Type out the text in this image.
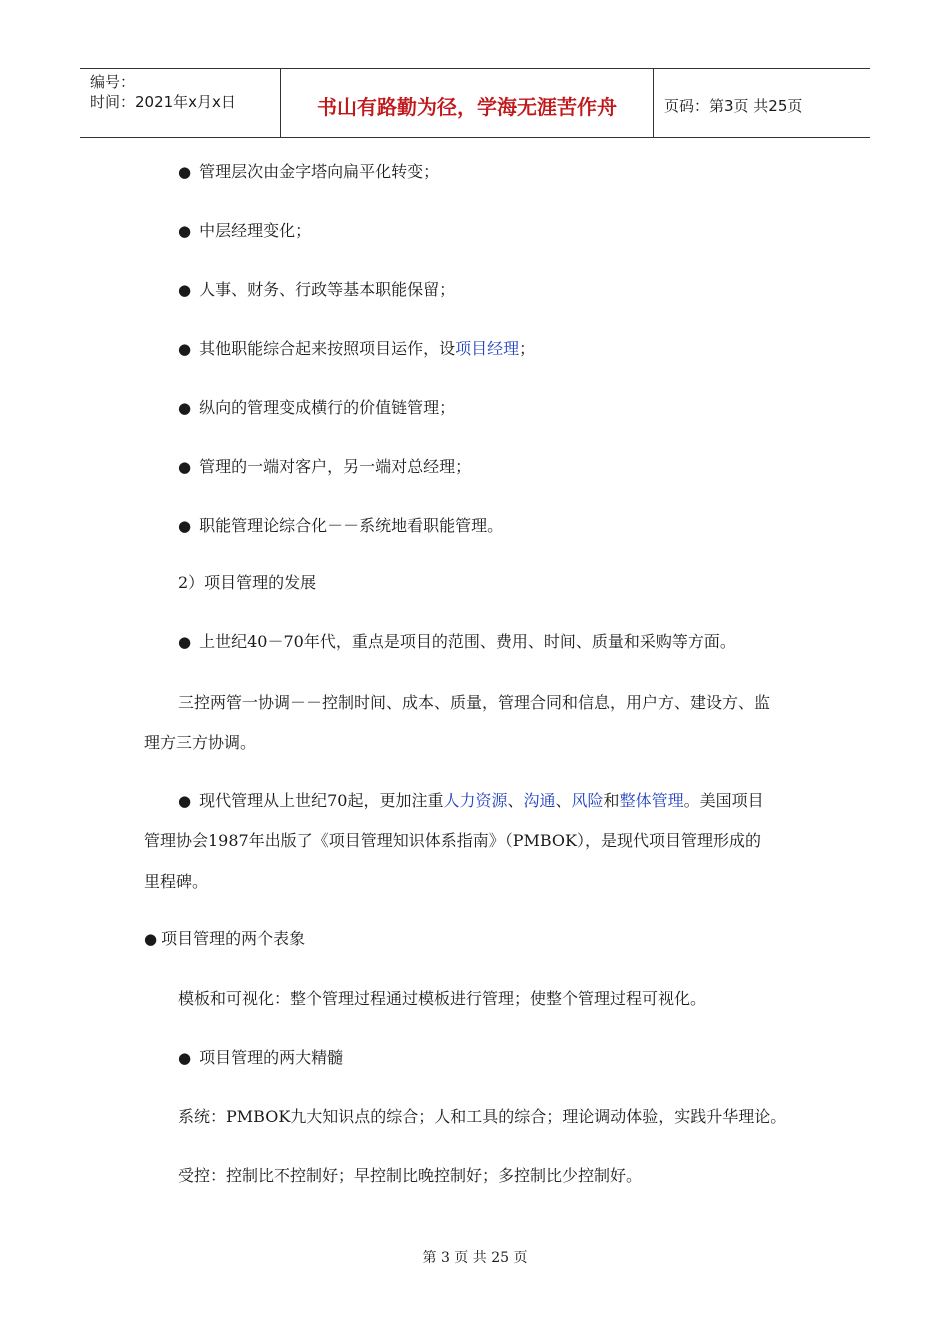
编号：
时间：2021年x月x日	书山有路勤为径，学海无涯苦作舟	页码：第3页 共25页
● 管理层次由金字塔向扁平化转变；
● 中层经理变化；
● 人事、财务、行政等基本职能保留；
● 其他职能综合起来按照项目运作，设项目经理；
● 纵向的管理变成横行的价值链管理；
● 管理的一端对客户，另一端对总经理；
● 职能管理论综合化－－系统地看职能管理。
2）项目管理的发展
● 上世纪40－70年代，重点是项目的范围、费用、时间、质量和采购等方面。
三控两管一协调－－控制时间、成本、质量，管理合同和信息，用户方、建设方、监
理方三方协调。
● 现代管理从上世纪70起，更加注重人力资源、沟通、风险和整体管理。美国项目
管理协会1987年出版了《项目管理知识体系指南》（PMBOK），是现代项目管理形成的
里程碑。
● 项目管理的两个表象
模板和可视化：整个管理过程通过模板进行管理；使整个管理过程可视化。
● 项目管理的两大精髓
系统：PMBOK九大知识点的综合；人和工具的综合；理论调动体验，实践升华理论。
受控：控制比不控制好；早控制比晚控制好；多控制比少控制好。
第 3 页 共 25 页
